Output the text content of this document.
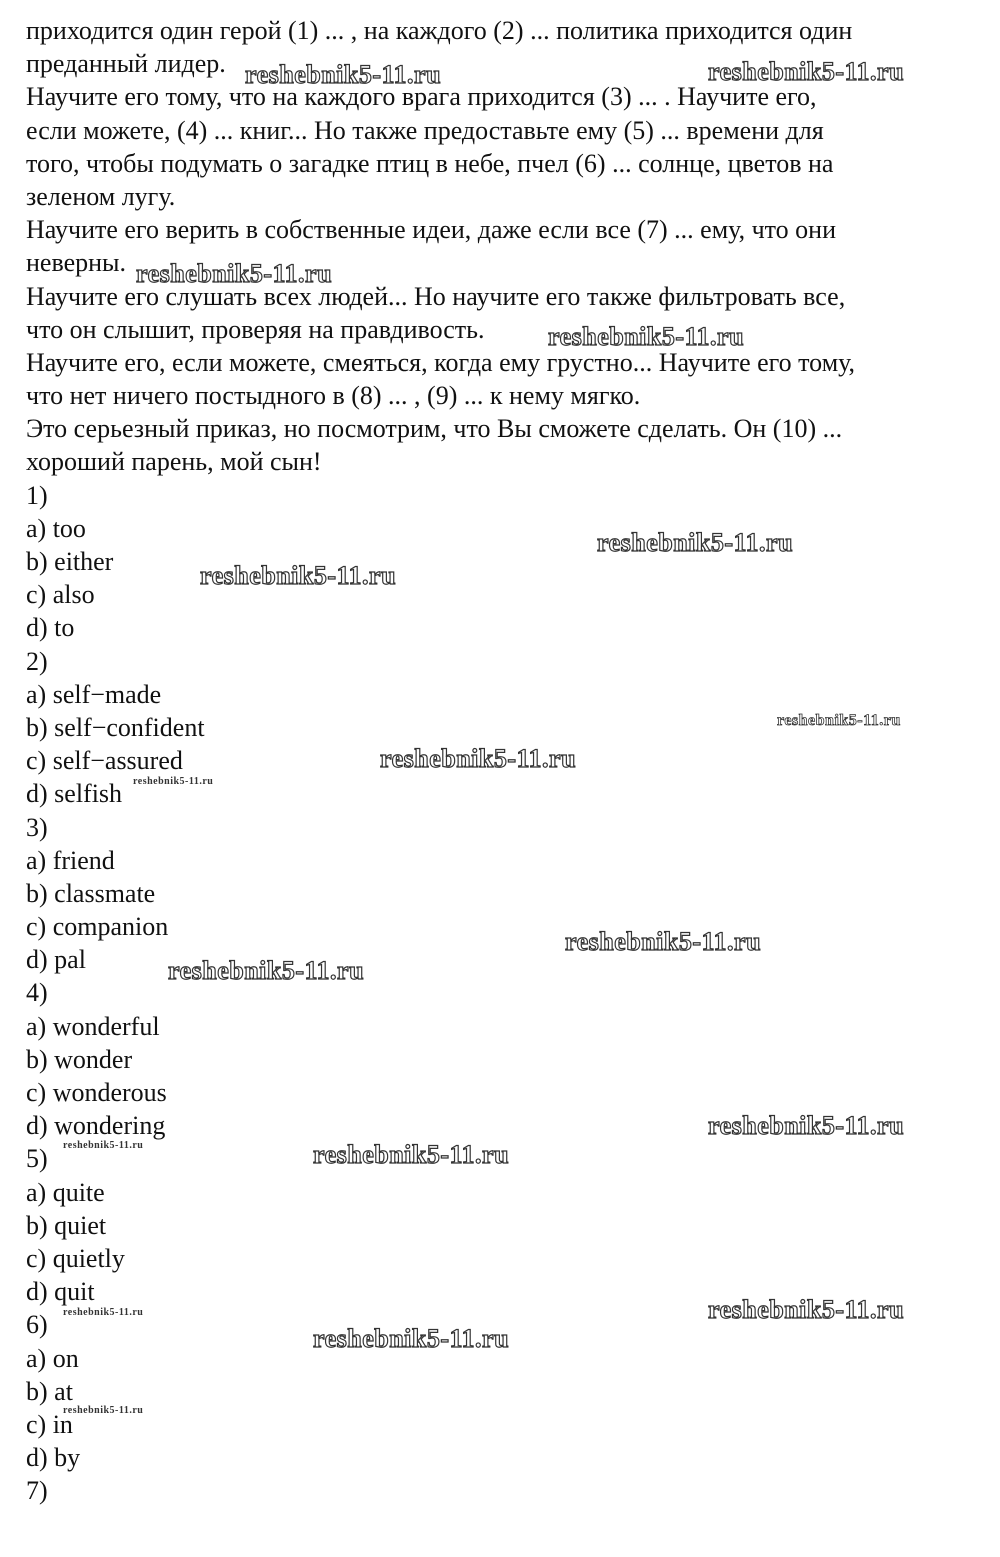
приходится один герой (1) ... , на каждого (2) ... политика приходится один
преданный лидер.
Научите его тому, что на каждого врага приходится (3) ... . Научите его,
если можете, (4) ... книг... Но также предоставьте ему (5) ... времени для
того, чтобы подумать о загадке птиц в небе, пчел (6) ... солнце, цветов на
зеленом лугу.
Научите его верить в собственные идеи, даже если все (7) ... ему, что они
неверны.
Научите его слушать всех людей... Но научите его также фильтровать все,
что он слышит, проверяя на правдивость.
Научите его, если можете, смеяться, когда ему грустно... Научите его тому,
что нет ничего постыдного в (8) ... , (9) ... к нему мягко.
Это серьезный приказ, но посмотрим, что Вы сможете сделать. Он (10) ...
хороший парень, мой сын!
1)
a) too
b) either
c) also
d) to
2)
a) self−made
b) self−confident
c) self−assured
d) selfish
3)
a) friend
b) classmate
c) companion
d) pal
4)
a) wonderful
b) wonder
c) wonderous
d) wondering
5)
a) quite
b) quiet
c) quietly
d) quit
6)
a) on
b) at
c) in
d) by
7)
reshebnik5-11.ru	reshebnik5-11.ru
reshebnik5-11.ru
reshebnik5-11.ru
reshebnik5-11.ru
reshebnik5-11.ru
reshebnik5-11.ru
reshebnik5-11.ru
reshebnik5-11.ru
reshebnik5-11.ru
reshebnik5-11.ru
reshebnik5-11.ru
reshebnik5-11.ru	reshebnik5-11.ru
reshebnik5-11.ru
reshebnik5-11.ru
reshebnik5-11.ru
reshebnik5-11.ru
